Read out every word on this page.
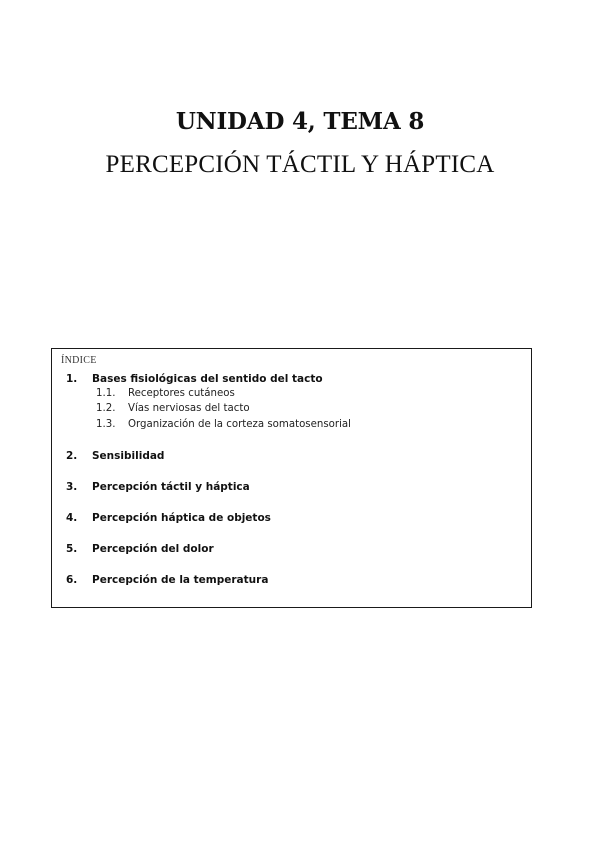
UNIDAD 4, TEMA 8
PERCEPCIÓN TÁCTIL Y HÁPTICA
ÍNDICE
1. Bases fisiológicas del sentido del tacto
1.1. Receptores cutáneos
1.2. Vías nerviosas del tacto
1.3. Organización de la corteza somatosensorial
2. Sensibilidad
3. Percepción táctil y háptica
4. Percepción háptica de objetos
5. Percepción del dolor
6. Percepción de la temperatura
